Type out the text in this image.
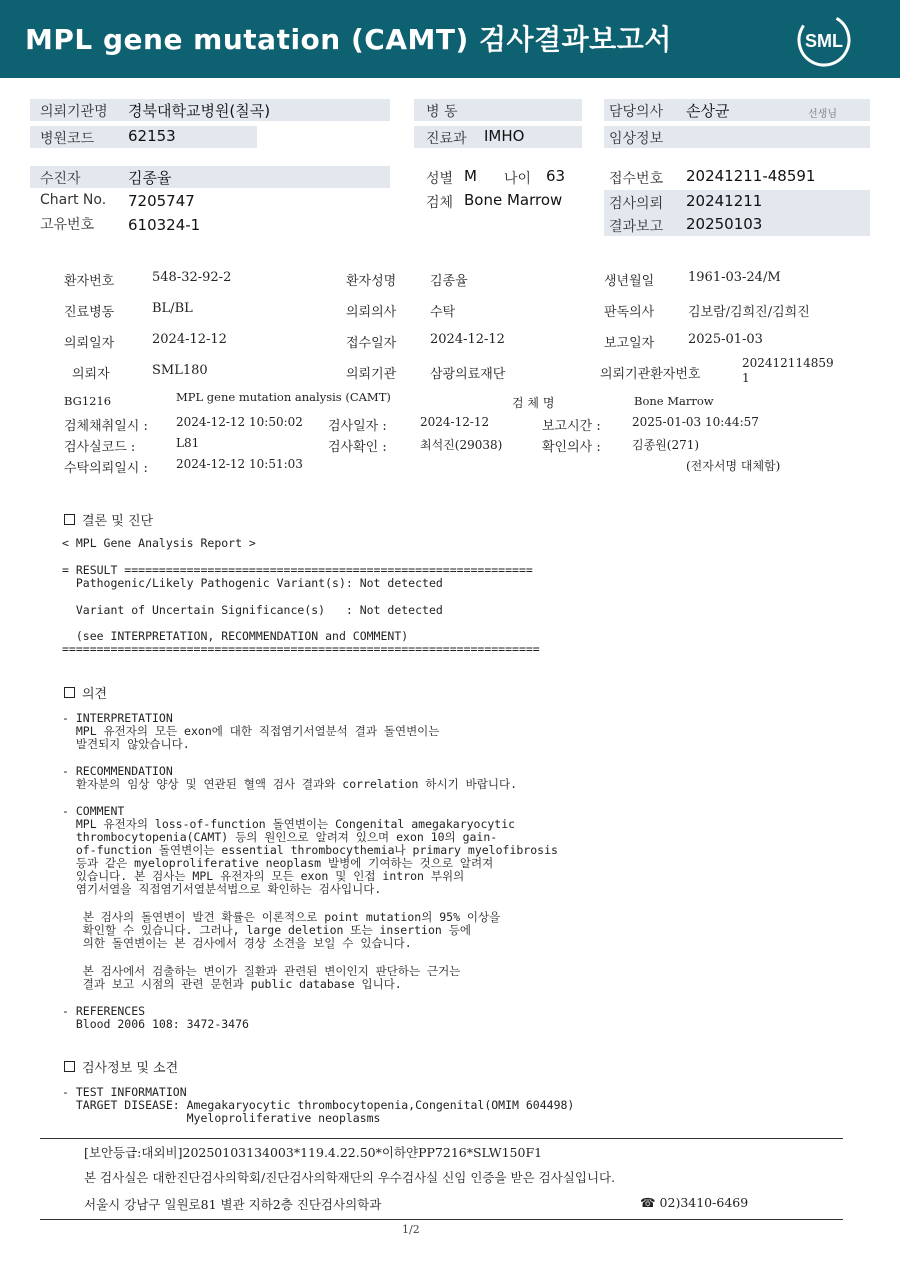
MPL gene mutation (CAMT) 검사결과보고서	SML
의뢰기관명 경북대학교병원(칠곡)
병원코드 62153
병 동
진료과 IMHO
담당의사 손상균	선생님
임상정보
수진자	김종율
Chart No. 7205747
고유번호 610324-1
성별 M 나이 63
검체 Bone Marrow
접수번호 20241211-48591
검사의뢰 20241211
결과보고 20250103
환자번호	548-32-92-2	환자성명	김종율	생년월일	1961-03-24/M
진료병동	BL/BL	의뢰의사	수탁	판독의사	김보람/김희진/김희진
의뢰일자	2024-12-12	접수일자	2024-12-12	보고일자	2025-01-03
의뢰자	SML180	의뢰기관	삼광의료재단	의뢰기관환자번호
202412114859
1
BG1216	MPL gene mutation analysis (CAMT)	검 체 명	Bone Marrow
검체채취일시 : 2024-12-12 10:50:02 검사일자 :	2024-12-12	보고시간 :	2025-01-03 10:44:57
검사실코드 :	L81	검사확인 :	최석진(29038)	확인의사 :	김종원(271)
수탁의뢰일시 : 2024-12-12 10:51:03	(전자서명 대체함)
결론 및 진단
< MPL Gene Analysis Report >
= RESULT ===========================================================
Pathogenic/Likely Pathogenic Variant(s): Not detected
Variant of Uncertain Significance(s)   : Not detected
(see INTERPRETATION, RECOMMENDATION and COMMENT)
=====================================================================
의견
- INTERPRETATION
MPL 유전자의 모든 exon에 대한 직접염기서열분석 결과 돌연변이는
발견되지 않았습니다.
- RECOMMENDATION
환자분의 임상 양상 및 연관된 혈액 검사 결과와 correlation 하시기 바랍니다.
- COMMENT
MPL 유전자의 loss-of-function 돌연변이는 Congenital amegakaryocytic
thrombocytopenia(CAMT) 등의 원인으로 알려져 있으며 exon 10의 gain-
of-function 돌연변이는 essential thrombocythemia나 primary myelofibrosis
등과 같은 myeloproliferative neoplasm 발병에 기여하는 것으로 알려져
있습니다. 본 검사는 MPL 유전자의 모든 exon 및 인접 intron 부위의
염기서열을 직접염기서열분석법으로 확인하는 검사입니다.
본 검사의 돌연변이 발견 확률은 이론적으로 point mutation의 95% 이상을
확인할 수 있습니다. 그러나, large deletion 또는 insertion 등에
의한 돌연변이는 본 검사에서 경상 소견을 보일 수 있습니다.
본 검사에서 검출하는 변이가 질환과 관련된 변이인지 판단하는 근거는
결과 보고 시점의 관련 문헌과 public database 입니다.
- REFERENCES
Blood 2006 108: 3472-3476
검사정보 및 소견
- TEST INFORMATION
TARGET DISEASE: Amegakaryocytic thrombocytopenia,Congenital(OMIM 604498)
Myeloproliferative neoplasms
[보안등급:대외비]20250103134003*119.4.22.50*이하얀PP7216*SLW150F1
본 검사실은 대한진단검사의학회/진단검사의학재단의 우수검사실 신임 인증을 받은 검사실입니다.
서울시 강남구 일원로81 별관 지하2층 진단검사의학과	☎ 02)3410-6469
1/2
